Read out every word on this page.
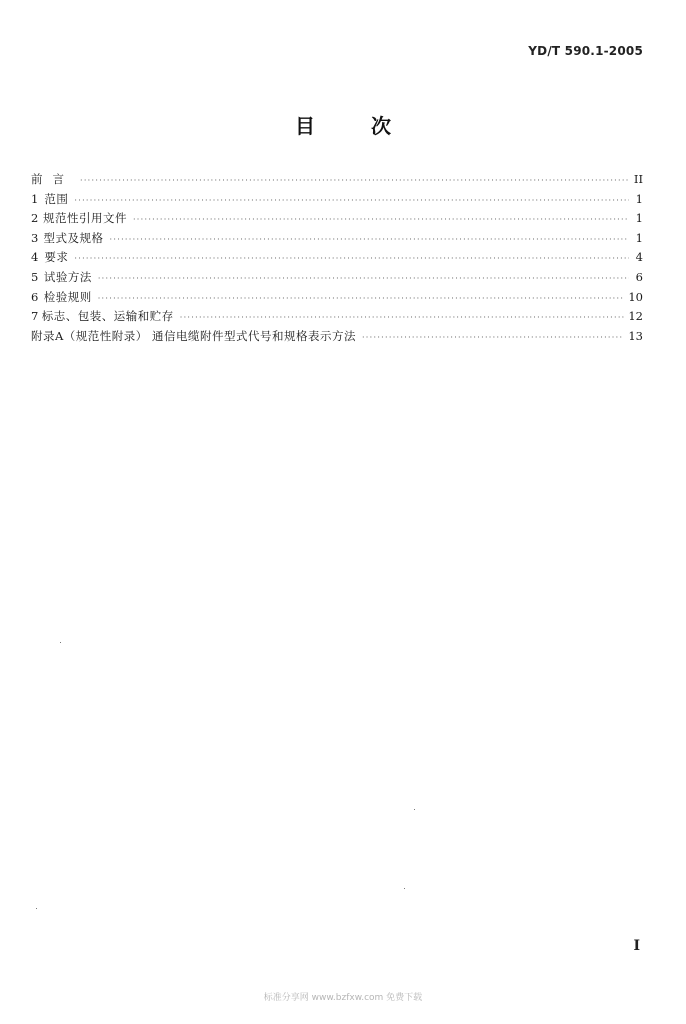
YD/T 590.1-2005
目次
前言 ·····	II
1 范围 ·····	1
2 规范性引用文件 ·····	1
3 型式及规格 ·····	1
4 要求 ·····	4
5 试验方法 ·····	6
6 检验规则 ·····	10
7 标志、包装、运输和贮存 ·····	12
附录A（规范性附录） 通信电缆附件型式代号和规格表示方法 ·····	13
I
标准分享网 www.bzfxw.com 免费下载
